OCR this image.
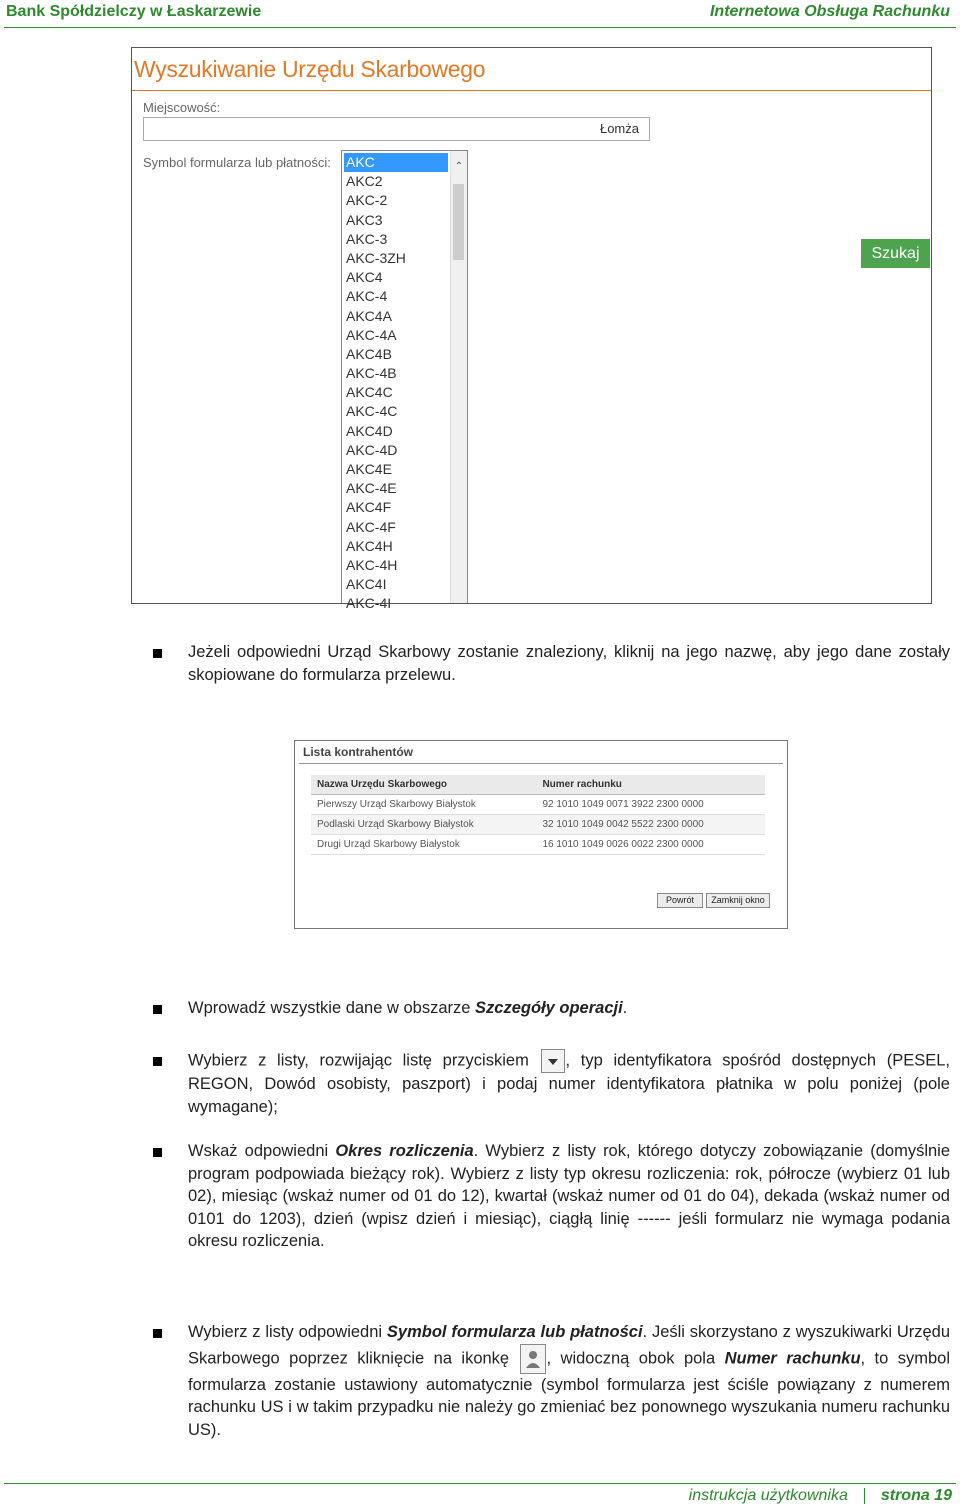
Bank Spółdzielczy w Łaskarzewie	Internetowa Obsługa Rachunku
Wyszukiwanie Urzędu Skarbowego
Miejscowość:
Łomża
Symbol formularza lub płatności: AKC
AKC2
AKC-2
AKC3
AKC-3
AKC-3ZH
AKC4
AKC-4
AKC4A
AKC-4A
AKC4B
AKC-4B
AKC4C
AKC-4C
AKC4D
AKC-4D
AKC4E
AKC-4E
AKC4F
AKC-4F
AKC4H
AKC-4H
AKC4I
AKC-4I
⌃
Szukaj
Jeżeli odpowiedni Urząd Skarbowy zostanie znaleziony, kliknij na jego nazwę, aby jego dane zostały skopiowane do formularza przelewu.
Lista kontrahentów
Nazwa Urzędu Skarbowego	Numer rachunku
Pierwszy Urząd Skarbowy Białystok	92 1010 1049 0071 3922 2300 0000
Podlaski Urząd Skarbowy Białystok	32 1010 1049 0042 5522 2300 0000
Drugi Urząd Skarbowy Białystok	16 1010 1049 0026 0022 2300 0000
Powrót	Zamknij okno
Wprowadź wszystkie dane w obszarze Szczegóły operacji.
Wybierz z listy, rozwijając listę przyciskiem , typ identyfikatora spośród dostępnych (PESEL, REGON, Dowód osobisty, paszport) i podaj numer identyfikatora płatnika w polu poniżej (pole wymagane);
Wskaż odpowiedni Okres rozliczenia. Wybierz z listy rok, którego dotyczy zobowiązanie (domyślnie program podpowiada bieżący rok). Wybierz z listy typ okresu rozliczenia: rok, półrocze (wybierz 01 lub 02), miesiąc (wskaż numer od 01 do 12), kwartał (wskaż numer od 01 do 04), dekada (wskaż numer od 0101 do 1203), dzień (wpisz dzień i miesiąc), ciągłą linię ------ jeśli formularz nie wymaga podania okresu rozliczenia.
Wybierz z listy odpowiedni Symbol formularza lub płatności. Jeśli skorzystano z wyszukiwarki Urzędu Skarbowego poprzez kliknięcie na ikonkę , widoczną obok pola Numer rachunku, to symbol formularza zostanie ustawiony automatycznie (symbol formularza jest ściśle powiązany z numerem rachunku US i w takim przypadku nie należy go zmieniać bez ponownego wyszukania numeru rachunku US).
instrukcja użytkownika strona 19
